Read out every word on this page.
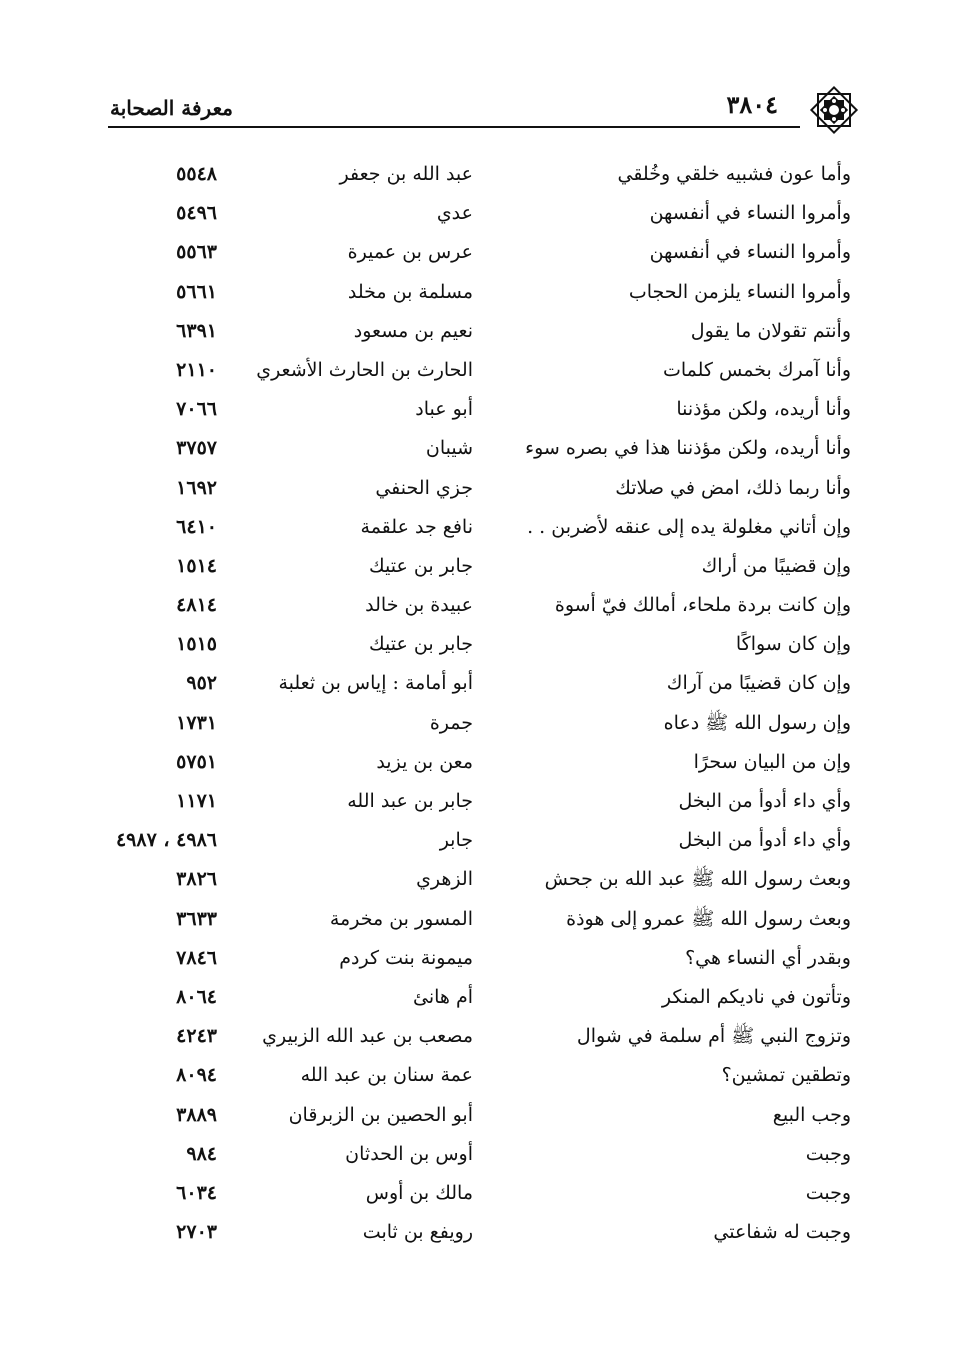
معرفة الصحابة	٣٨٠٤
وأما عون فشبيه خلقي وخُلقي
عبد الله بن جعفر
٥٥٤٨
وأمروا النساء في أنفسهن
عدي
٥٤٩٦
وأمروا النساء في أنفسهن
عرس بن عميرة
٥٥٦٣
وأمروا النساء يلزمن الحجاب
مسلمة بن مخلد
٥٦٦١
وأنتم تقولان ما يقول
نعيم بن مسعود
٦٣٩١
وأنا آمرك بخمس كلمات
الحارث بن الحارث الأشعري
٢١١٠
وأنا أريده، ولكن مؤذننا
أبو عباد
٧٠٦٦
وأنا أريده، ولكن مؤذننا هذا في بصره سوء
شيبان
٣٧٥٧
وأنا ربما ذلك، امض في صلاتك
جزي الحنفي
١٦٩٢
وإن أتاني مغلولة يده إلى عنقه لأضربن . .
نافع جد علقمة
٦٤١٠
وإن قضيبًا من أراك
جابر بن عتيك
١٥١٤
وإن كانت بردة ملحاء، أمالك فيّ أسوة
عبيدة بن خالد
٤٨١٤
وإن كان سواكًا
جابر بن عتيك
١٥١٥
وإن كان قضيبًا من آراك
أبو أمامة : إياس بن ثعلبة
٩٥٢
وإن رسول الله ﷺ دعاه
جمرة
١٧٣١
وإن من البيان سحرًا
معن بن يزيد
٥٧٥١
وأي داء أدوأ من البخل
جابر بن عبد الله
١١٧١
وأي داء أدوأ من البخل
جابر
٤٩٨٦ ، ٤٩٨٧
وبعث رسول الله ﷺ عبد الله بن جحش
الزهري
٣٨٢٦
وبعث رسول الله ﷺ عمرو إلى هوذة
المسور بن مخرمة
٣٦٣٣
وبقدر أي النساء هي؟
ميمونة بنت كردم
٧٨٤٦
وتأتون في ناديكم المنكر
أم هانئ
٨٠٦٤
وتزوج النبي ﷺ أم سلمة في شوال
مصعب بن عبد الله الزبيري
٤٢٤٣
وتطقين تمشين؟
عمة سنان بن عبد الله
٨٠٩٤
وجب البيع
أبو الحصين بن الزبرقان
٣٨٨٩
وجبت
أوس بن الحدثان
٩٨٤
وجبت
مالك بن أوس
٦٠٣٤
وجبت له شفاعتي
رويفع بن ثابت
٢٧٠٣
